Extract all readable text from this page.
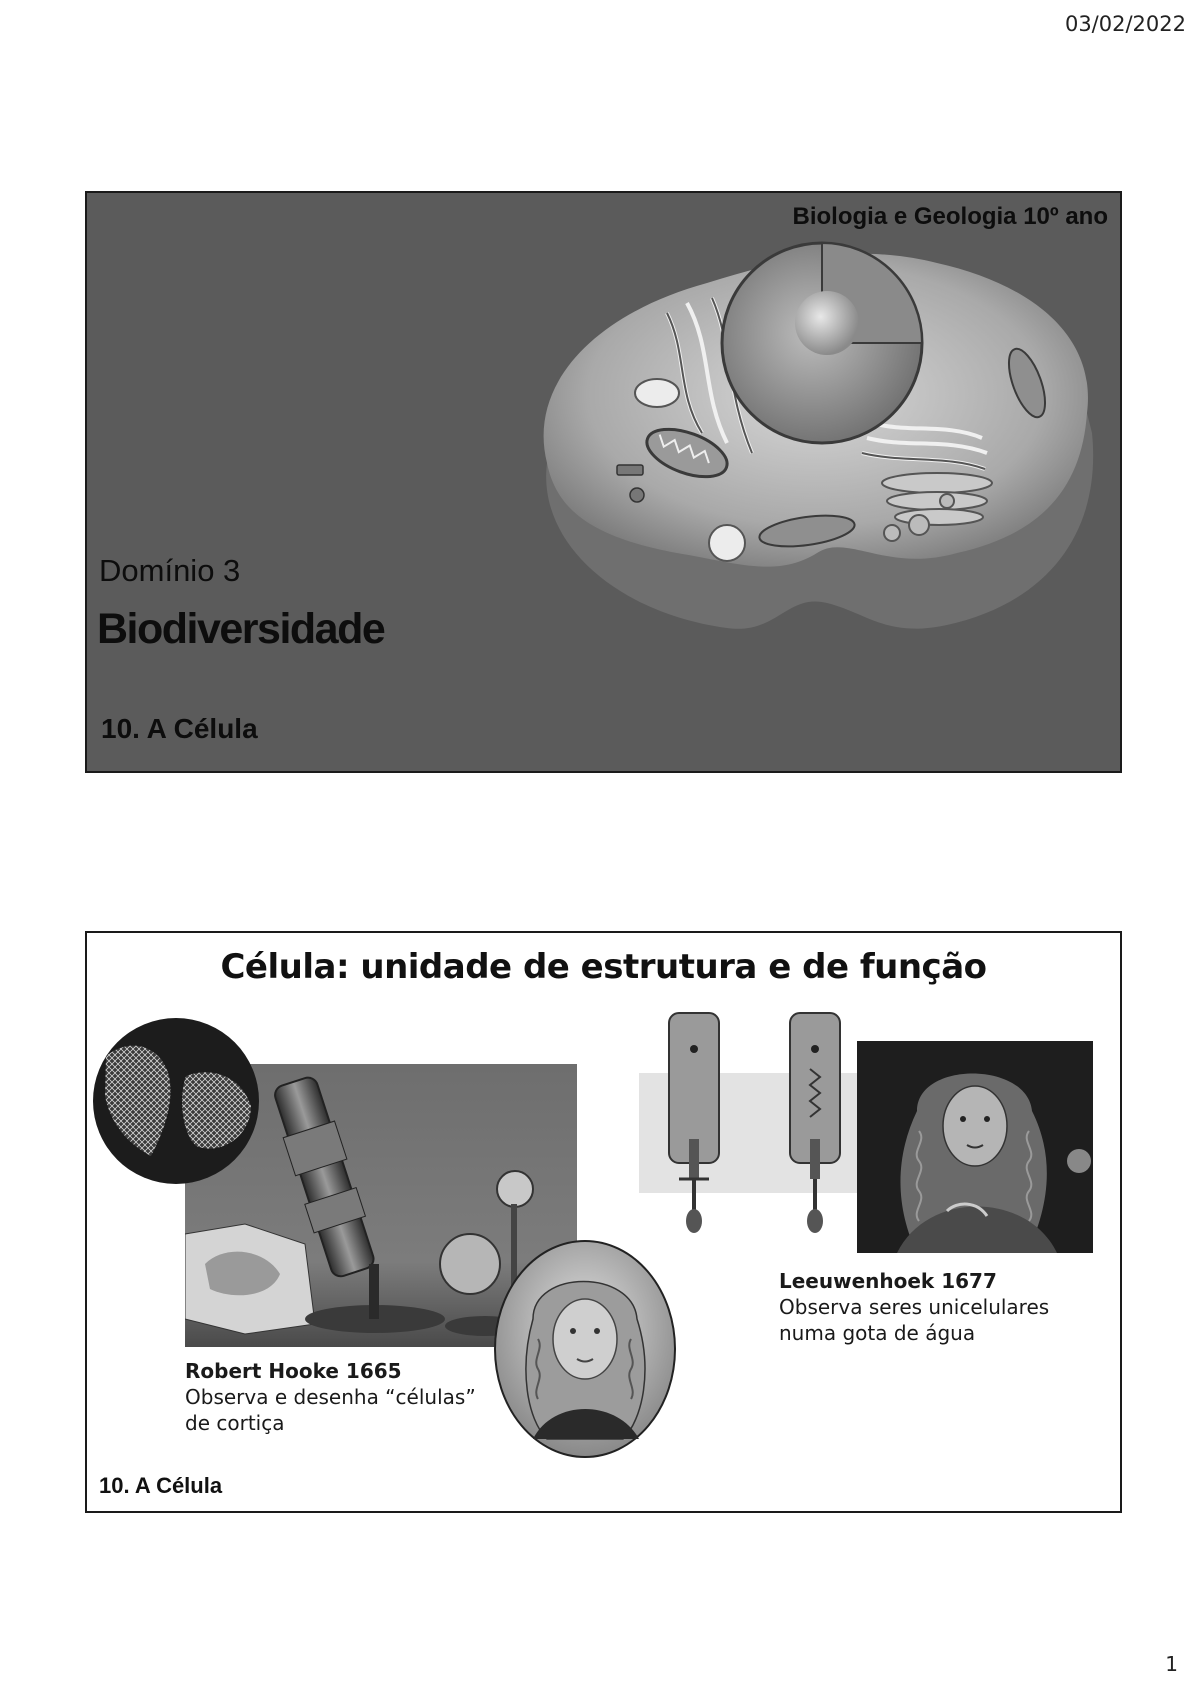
03/02/2022
Biologia e Geologia 10º ano
Domínio 3
Biodiversidade
10. A Célula
Célula: unidade de estrutura e de função
Robert Hooke 1665
Observa e desenha “células”
de cortiça
Leeuwenhoek 1677
Observa seres unicelulares
numa gota de água
10. A Célula
1
